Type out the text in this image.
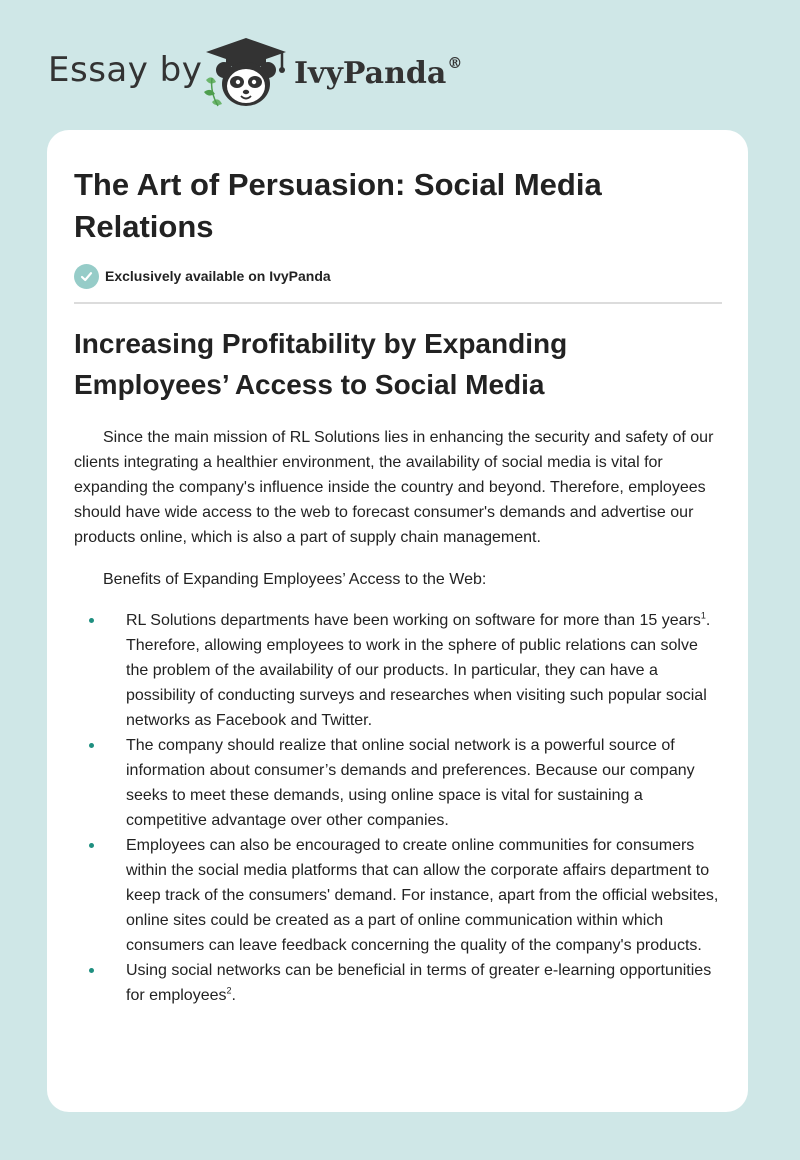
Essay by	IvyPanda®
The Art of Persuasion: Social Media Relations
Exclusively available on IvyPanda
Increasing Profitability by Expanding Employees’ Access to Social Media

Since the main mission of RL Solutions lies in enhancing the security and safety of our clients integrating a healthier environment, the availability of social media is vital for expanding the company's influence inside the country and beyond. Therefore, employees should have wide access to the web to forecast consumer's demands and advertise our products online, which is also a part of supply chain management.

Benefits of Expanding Employees’ Access to the Web:

RL Solutions departments have been working on software for more than 15 years$^1$. Therefore, allowing employees to work in the sphere of public relations can solve the problem of the availability of our products. In particular, they can have a possibility of conducting surveys and researches when visiting such popular social networks as Facebook and Twitter.
The company should realize that online social network is a powerful source of information about consumer’s demands and preferences. Because our company seeks to meet these demands, using online space is vital for sustaining a competitive advantage over other companies.
Employees can also be encouraged to create online communities for consumers within the social media platforms that can allow the corporate affairs department to keep track of the consumers' demand. For instance, apart from the official websites, online sites could be created as a part of online communication within which consumers can leave feedback concerning the quality of the company's products.
Using social networks can be beneficial in terms of greater e-learning opportunities for employees$^2$.
